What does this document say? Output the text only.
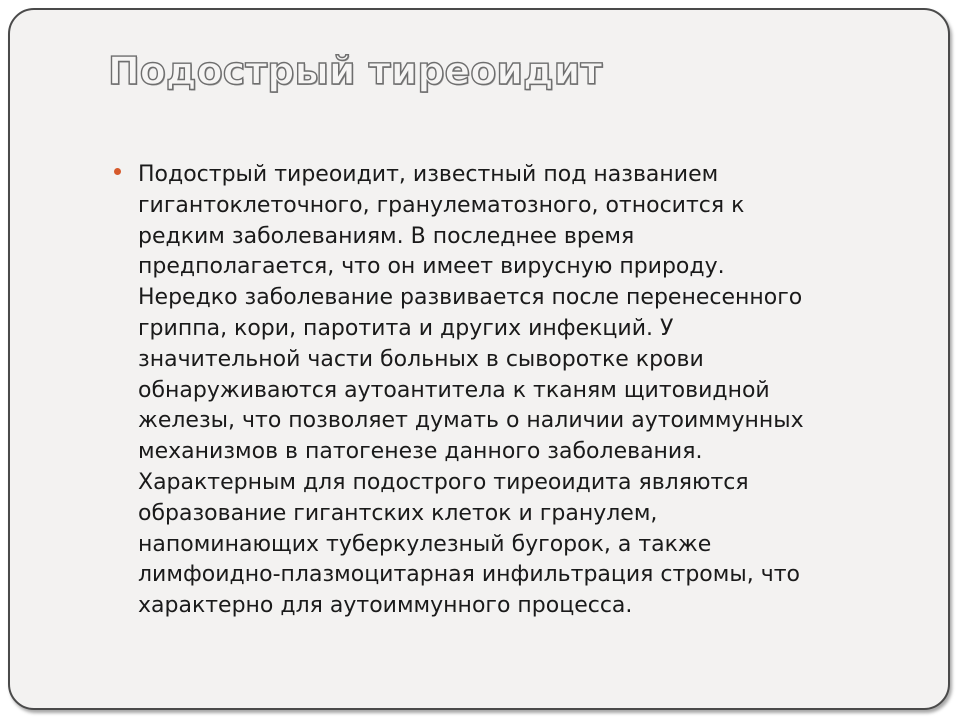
Подострый тиреоидит
Подострый тиреоидит, известный под названием
гигантоклеточного, гранулематозного, относится к
редким заболеваниям. В последнее время
предполагается, что он имеет вирусную природу.
Нередко заболевание развивается после перенесенного
гриппа, кори, паротита и других инфекций. У
значительной части больных в сыворотке крови
обнаруживаются аутоантитела к тканям щитовидной
железы, что позволяет думать о наличии аутоиммунных
механизмов в патогенезе данного заболевания.
Характерным для подострого тиреоидита являются
образование гигантских клеток и гранулем,
напоминающих туберкулезный бугорок, а также
лимфоидно-плазмоцитарная инфильтрация стромы, что
характерно для аутоиммунного процесса.
